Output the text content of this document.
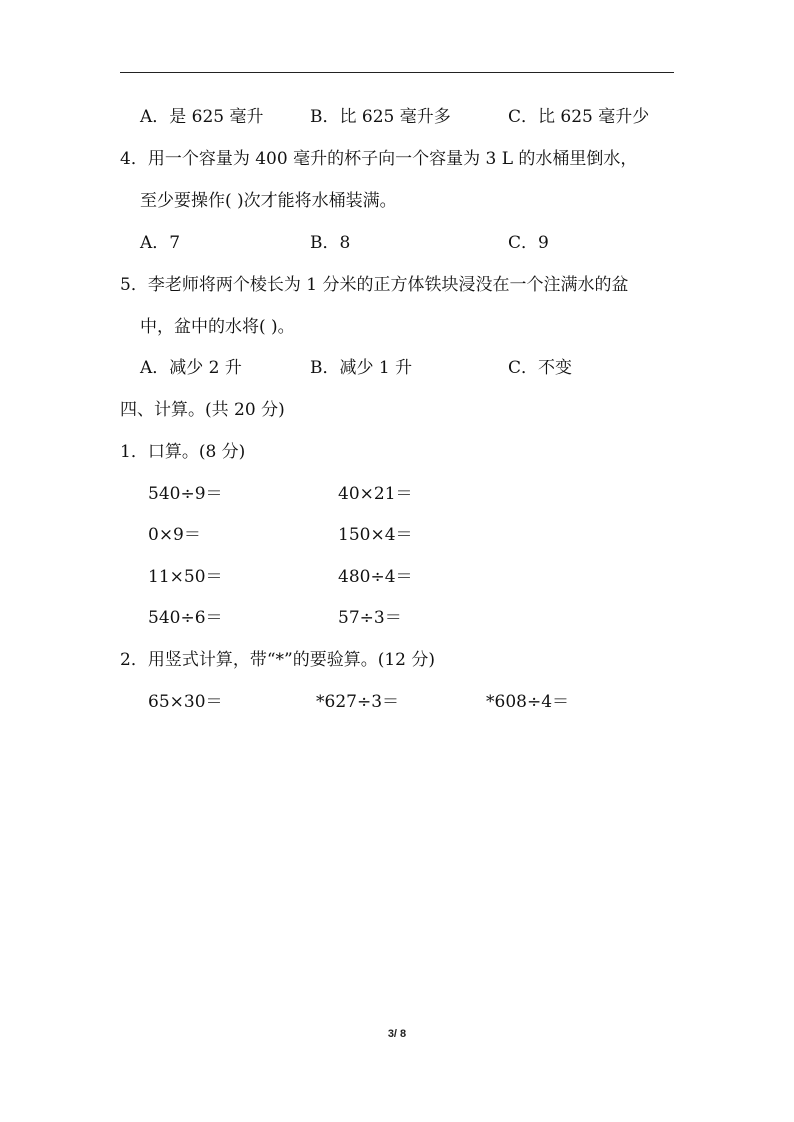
A．是 625 毫升	B．比 625 毫升多	C．比 625 毫升少
4．用一个容量为 400 毫升的杯子向一个容量为 3 L 的水桶里倒水，
至少要操作( )次才能将水桶装满。
A．7	B．8	C．9
5．李老师将两个棱长为 1 分米的正方体铁块浸没在一个注满水的盆
中，盆中的水将( )。
A．减少 2 升	B．减少 1 升	C．不变
四、计算。(共 20 分)
1．口算。(8 分)
540÷9＝	40×21＝
0×9＝	150×4＝
11×50＝	480÷4＝
540÷6＝	57÷3＝
2．用竖式计算，带“*”的要验算。(12 分)
65×30＝	*627÷3＝	*608÷4＝
3/ 8
